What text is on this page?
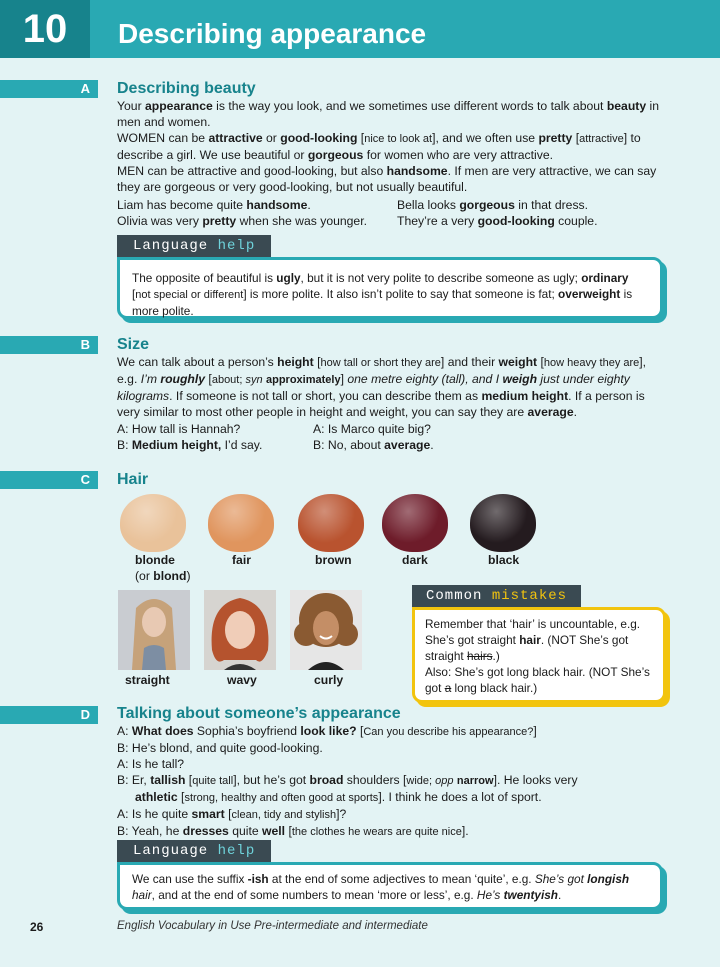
10	Describing appearance
A	Describing beauty
Your appearance is the way you look, and we sometimes use different words to talk about beauty in men and women.
WOMEN can be attractive or good-looking [nice to look at], and we often use pretty [attractive] to describe a girl. We use beautiful or gorgeous for women who are very attractive.
MEN can be attractive and good-looking, but also handsome. If men are very attractive, we can say they are gorgeous or very good-looking, but not usually beautiful.
Liam has become quite handsome.
Olivia was very pretty when she was younger.
Bella looks gorgeous in that dress.
They’re a very good-looking couple.
Language help
The opposite of beautiful is ugly, but it is not very polite to describe someone as ugly; ordinary
[not special or different] is more polite. It also isn’t polite to say that someone is fat; overweight is more polite.
B	Size
We can talk about a person’s height [how tall or short they are] and their weight [how heavy they are], e.g. I’m roughly [about; syn approximately] one metre eighty (tall), and I weigh just under eighty kilograms. If someone is not tall or short, you can describe them as medium height. If a person is very similar to most other people in height and weight, you can say they are average.
A: How tall is Hannah?
B: Medium height, I’d say.
A: Is Marco quite big?
B: No, about average.
C	Hair
blonde
(or blond)
fair	brown	dark	black
straight	wavy	curly
Common mistakes
Remember that ‘hair’ is uncountable, e.g. She’s got straight hair. (NOT She’s got straight hairs.)
Also: She’s got long black hair. (NOT She’s got a long black hair.)
D	Talking about someone’s appearance
A: What does Sophia’s boyfriend look like? [Can you describe his appearance?]
B: He’s blond, and quite good-looking.
A: Is he tall?
B: Er, tallish [quite tall], but he’s got broad shoulders [wide; opp narrow]. He looks very
athletic [strong, healthy and often good at sports]. I think he does a lot of sport.
A: Is he quite smart [clean, tidy and stylish]?
B: Yeah, he dresses quite well [the clothes he wears are quite nice].
Language help
We can use the suffix -ish at the end of some adjectives to mean ‘quite’, e.g. She’s got longish hair, and at the end of some numbers to mean ‘more or less’, e.g. He’s twentyish.
26	English Vocabulary in Use Pre-intermediate and intermediate
